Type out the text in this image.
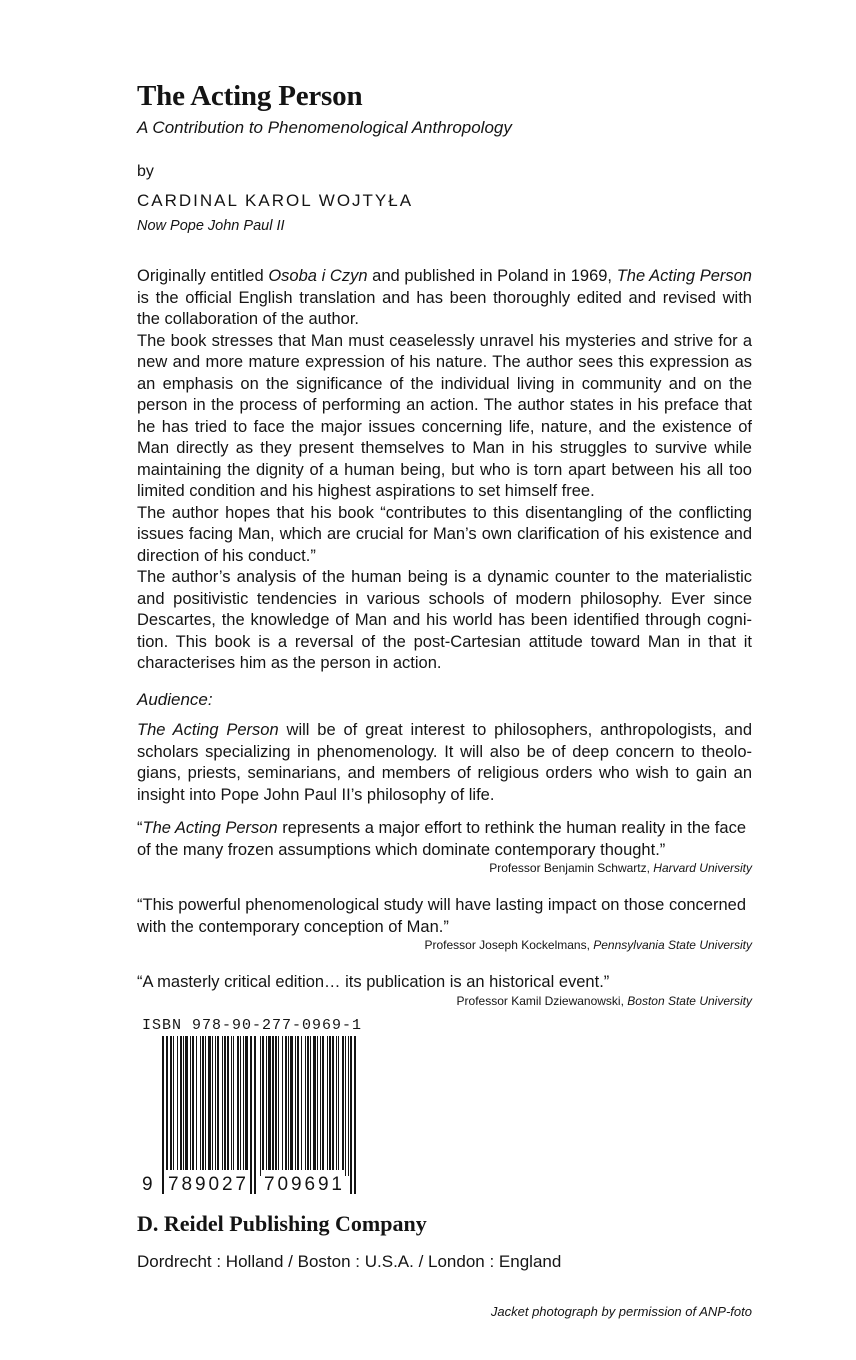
The Acting Person

A Contribution to Phenomenological Anthropology

by

CARDINAL KAROL WOJTYŁA

Now Pope John Paul II

Originally entitled Osoba i Czyn and published in Poland in 1969, The Acting Person is the official English translation and has been thoroughly edited and revised with the collaboration of the author.

The book stresses that Man must ceaselessly unravel his mysteries and strive for a new and more mature expression of his nature. The author sees this expression as an emphasis on the significance of the individual living in community and on the person in the process of performing an action. The author states in his preface that he has tried to face the major issues concerning life, nature, and the existence of Man directly as they present themselves to Man in his struggles to survive while maintaining the dignity of a human being, but who is torn apart between his all too limited condition and his highest aspirations to set himself free.

The author hopes that his book “contributes to this disentangling of the conflicting issues facing Man, which are crucial for Man’s own clarification of his existence and direction of his conduct.”

The author’s analysis of the human being is a dynamic counter to the materialistic and positivistic tendencies in various schools of modern philosophy. Ever since Descartes, the knowledge of Man and his world has been identified through cognition. This book is a reversal of the post-Cartesian attitude toward Man in that it characterises him as the person in action.

Audience:

The Acting Person will be of great interest to philosophers, anthropologists, and scholars specializing in phenomenology. It will also be of deep concern to theologians, priests, seminarians, and members of religious orders who wish to gain an insight into Pope John Paul II’s philosophy of life.

“The Acting Person represents a major effort to rethink the human reality in the face of the many frozen assumptions which dominate contemporary thought.”

Professor Benjamin Schwartz, Harvard University

“This powerful phenomenological study will have lasting impact on those concerned with the contemporary conception of Man.”

Professor Joseph Kockelmans, Pennsylvania State University

“A masterly critical edition… its publication is an historical event.”

Professor Kamil Dziewanowski, Boston State University

ISBN 978-90-277-0969-1
9 789027 709691

D. Reidel Publishing Company

Dordrecht : Holland / Boston : U.S.A. / London : England

Jacket photograph by permission of ANP-foto
